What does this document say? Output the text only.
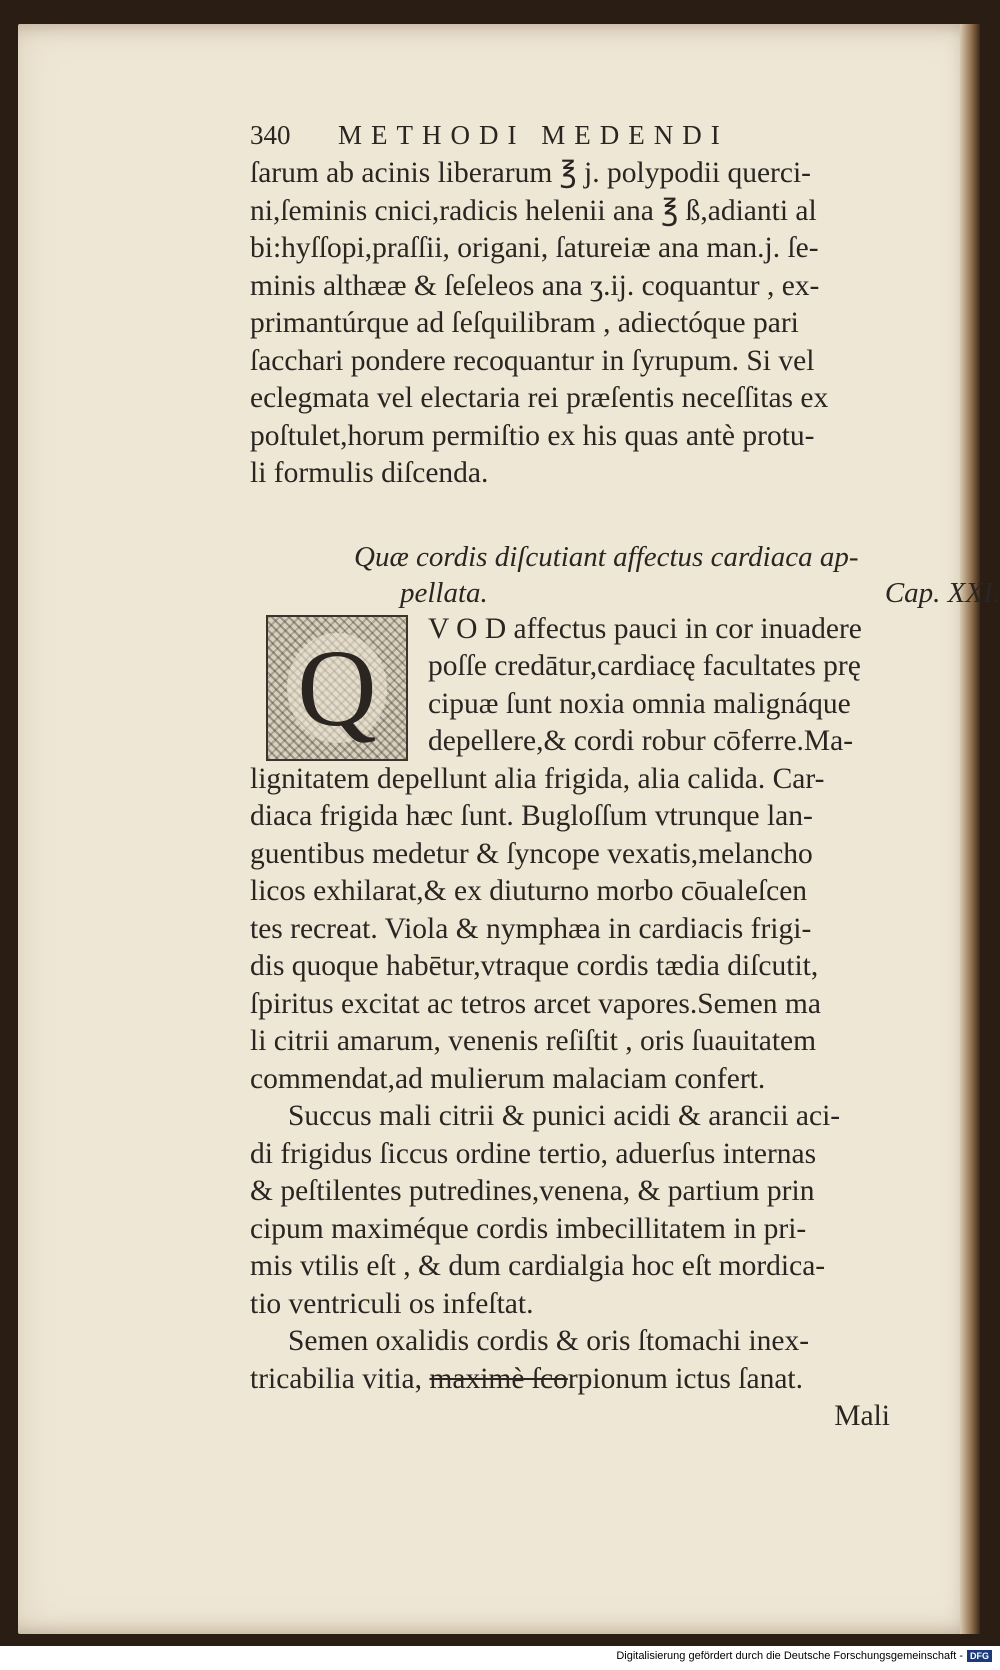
340	METHODI MEDENDI
ſarum ab acinis liberarum ℥ j. polypodii querci-
ni,ſeminis cnici,radicis helenii ana ℥ ß,adianti al
bi:hyſſopi,praſſii, origani, ſatureiæ ana man.j. ſe-
minis althææ & ſeſeleos ana ʒ.ij. coquantur , ex-
primantúrque ad ſeſquilibram , adiectóque pari
ſacchari pondere recoquantur in ſyrupum. Si vel
eclegmata vel electaria rei præſentis neceſſitas ex
poſtulet,horum permiſtio ex his quas antè protu-
li formulis diſcenda.
Quæ cordis diſcutiant affectus cardiaca ap-
pellata.	Cap. XXI.
Q	V O D affectus pauci in cor inuadere
poſſe credātur,cardiacę facultates prę
cipuæ ſunt noxia omnia malignáque
depellere,& cordi robur cōferre.Ma-
lignitatem depellunt alia frigida, alia calida. Car-
diaca frigida hæc ſunt. Bugloſſum vtrunque lan-
guentibus medetur & ſyncope vexatis,melancho
licos exhilarat,& ex diuturno morbo cōualeſcen
tes recreat. Viola & nymphæa in cardiacis frigi-
dis quoque habētur,vtraque cordis tædia diſcutit,
ſpiritus excitat ac tetros arcet vapores.Semen ma
li citrii amarum, venenis reſiſtit , oris ſuauitatem
commendat,ad mulierum malaciam confert.
Succus mali citrii & punici acidi & arancii aci-
di frigidus ſiccus ordine tertio, aduerſus internas
& peſtilentes putredines,venena, & partium prin
cipum maximéque cordis imbecillitatem in pri-
mis vtilis eſt , & dum cardialgia hoc eſt mordica-
tio ventriculi os infeſtat.
Semen oxalidis cordis & oris ſtomachi inex-
tricabilia vitia, maximè ſcorpionum ictus ſanat.
Mali
Digitalisierung gefördert durch die Deutsche Forschungsgemeinschaft - DFG
